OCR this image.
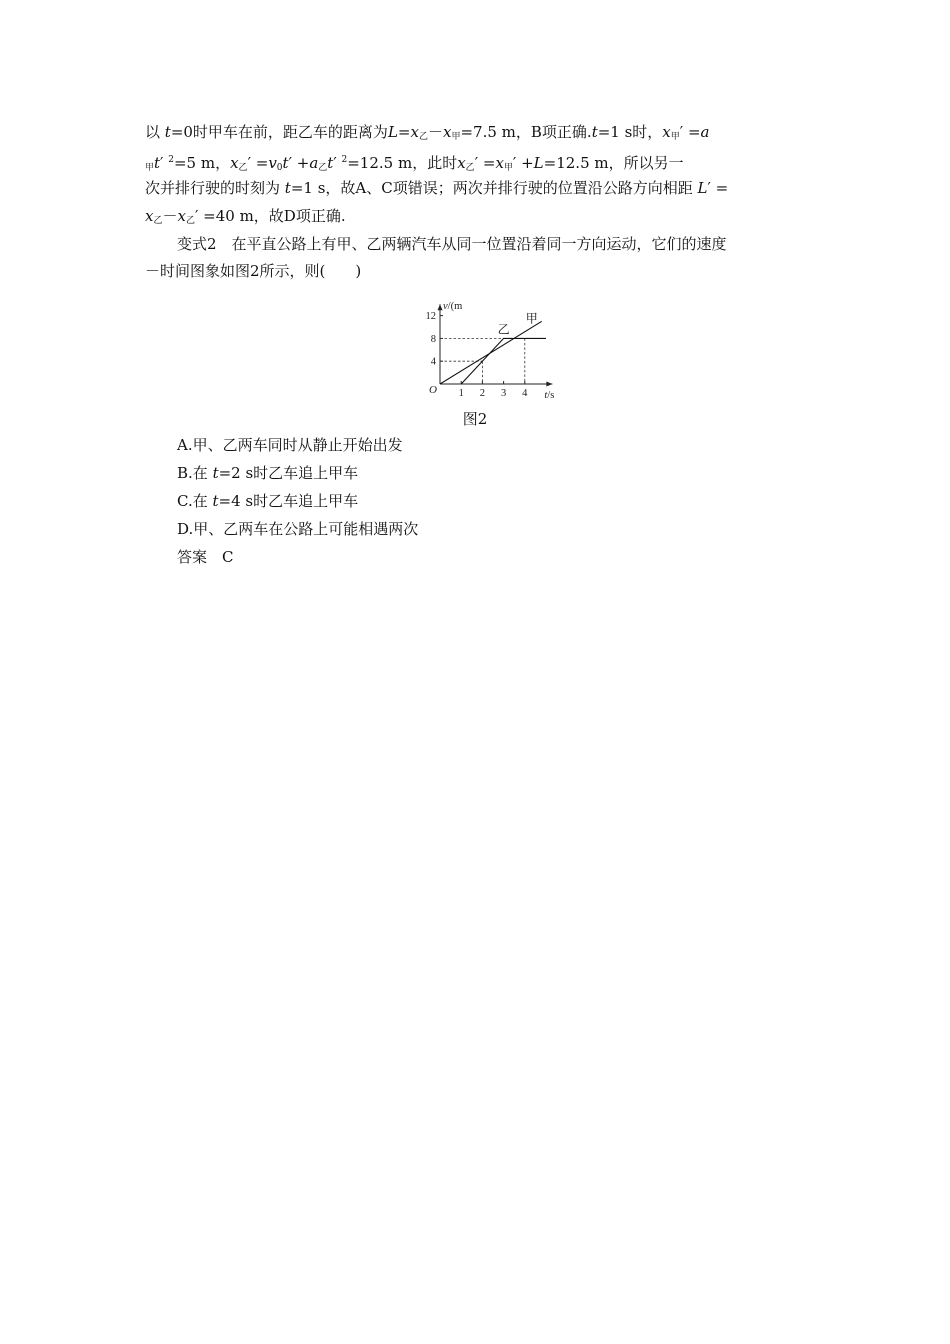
以 t=0时甲车在前，距乙车的距离为$L=x_乙-x_甲=7.5$ m，B项正确.t=1 s时，$x_甲' =a$
$_甲$t′ $^2$=5 m，$x_乙' =v_0t' +a_乙t'$ $^2$=12.5 m，此时$x_乙' =x_甲' +L=12.5$ m，所以另一
次并排行驶的时刻为 t=1 s，故A、C项错误；两次并排行驶的位置沿公路方向相距 L′ =
$x_乙-x_乙' =40$ m，故D项正确.
变式2　在平直公路上有甲、乙两辆汽车从同一位置沿着同一方向运动，它们的速度
－时间图象如图2所示，则(　　)
v/(m
t/s
O 1 2 3 4
4
8
12	甲
乙
图2
A.甲、乙两车同时从静止开始出发
B.在 t=2 s时乙车追上甲车
C.在 t=4 s时乙车追上甲车
D.甲、乙两车在公路上可能相遇两次
答案　 C
